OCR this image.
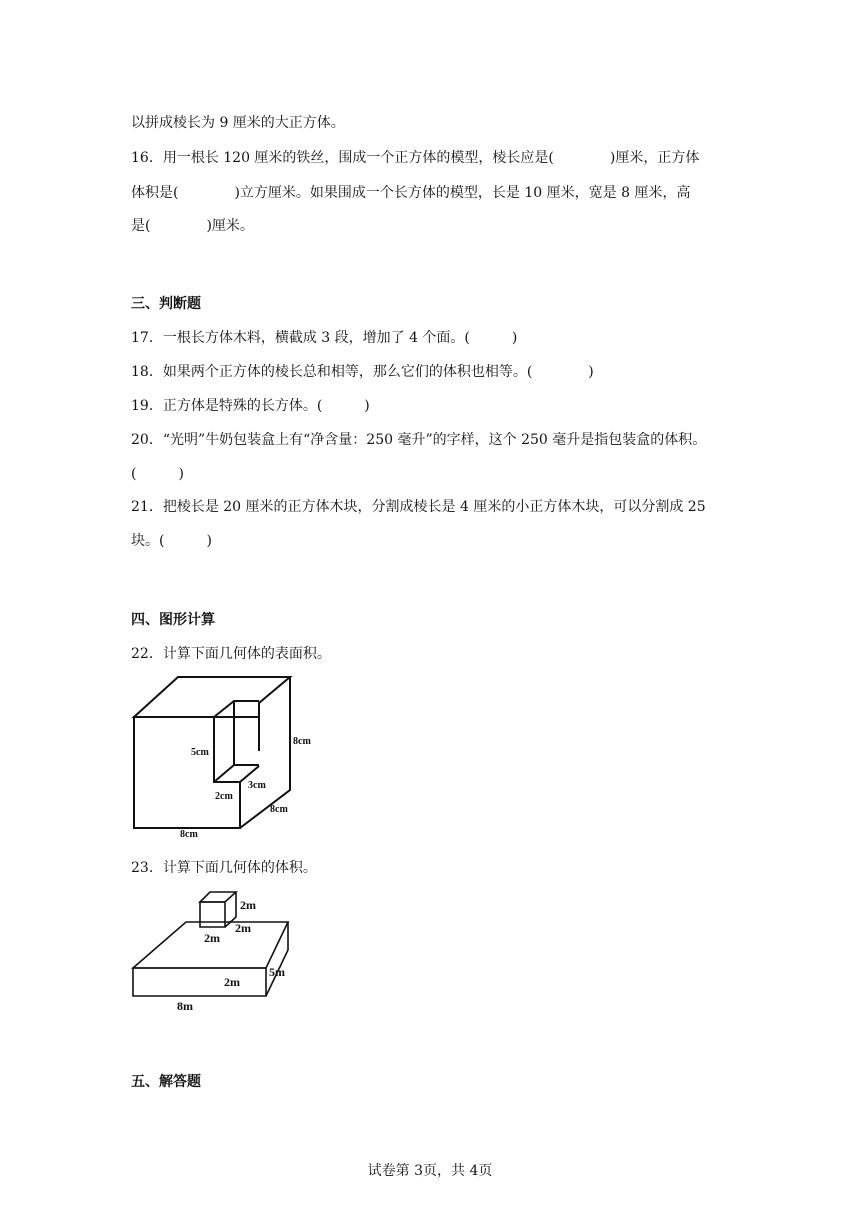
以拼成棱长为 9 厘米的大正方体。
16．用一根长 120 厘米的铁丝，围成一个正方体的模型，棱长应是(　　　　)厘米，正方体
体积是(　　　　)立方厘米。如果围成一个长方体的模型，长是 10 厘米，宽是 8 厘米，高
是(　　　　)厘米。
三、判断题
17．一根长方体木料，横截成 3 段，增加了 4 个面。(　　　)
18．如果两个正方体的棱长总和相等，那么它们的体积也相等。(　　　　)
19．正方体是特殊的长方体。(　　　)
20．“光明”牛奶包装盒上有“净含量：250 毫升”的字样，这个 250 毫升是指包装盒的体积。
(　　　)
21．把棱长是 20 厘米的正方体木块，分割成棱长是 4 厘米的小正方体木块，可以分割成 25
块。(　　　)
四、图形计算
22．计算下面几何体的表面积。
5cm
8cm
3cm
2cm
8cm
8cm
23．计算下面几何体的体积。
2m
2m
2m
2m
5m
8m
五、解答题
试卷第 3页，共 4页
